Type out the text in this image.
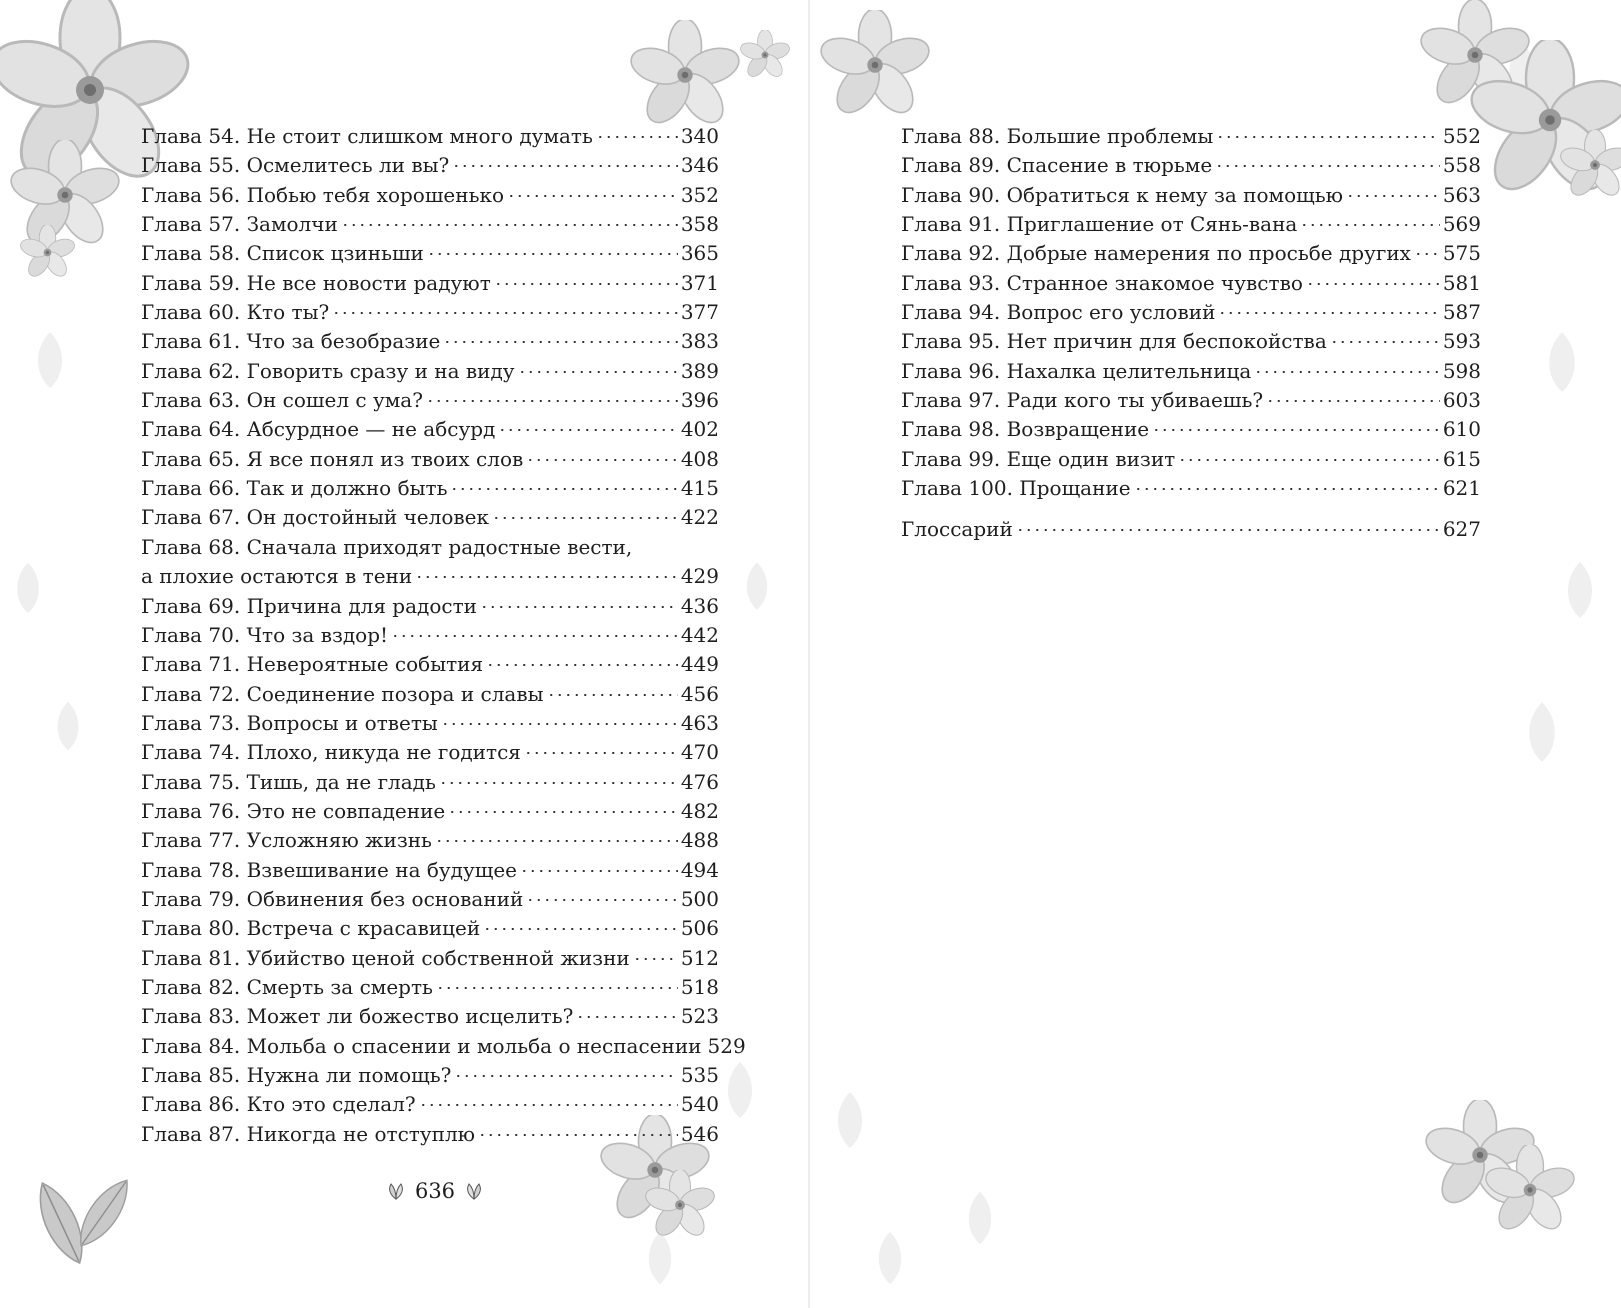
Глава 54. Не стоит слишком много думать	340
Глава 55. Осмелитесь ли вы?	346
Глава 56. Побью тебя хорошенько	352
Глава 57. Замолчи	358
Глава 58. Список цзиньши	365
Глава 59. Не все новости радуют	371
Глава 60. Кто ты?	377
Глава 61. Что за безобразие	383
Глава 62. Говорить сразу и на виду	389
Глава 63. Он сошел с ума?	396
Глава 64. Абсурдное — не абсурд	402
Глава 65. Я все понял из твоих слов	408
Глава 66. Так и должно быть	415
Глава 67. Он достойный человек	422
Глава 68. Сначала приходят радостные вести,
а плохие остаются в тени	429
Глава 69. Причина для радости	436
Глава 70. Что за вздор!	442
Глава 71. Невероятные события	449
Глава 72. Соединение позора и славы	456
Глава 73. Вопросы и ответы	463
Глава 74. Плохо, никуда не годится	470
Глава 75. Тишь, да не гладь	476
Глава 76. Это не совпадение	482
Глава 77. Усложняю жизнь	488
Глава 78. Взвешивание на будущее	494
Глава 79. Обвинения без оснований	500
Глава 80. Встреча с красавицей	506
Глава 81. Убийство ценой собственной жизни	512
Глава 82. Смерть за смерть	518
Глава 83. Может ли божество исцелить?	523
Глава 84. Мольба о спасении и мольба о неспасении 529
Глава 85. Нужна ли помощь?	535
Глава 86. Кто это сделал?	540
Глава 87. Никогда не отступлю	546
636
Глава 88. Большие проблемы	552
Глава 89. Спасение в тюрьме	558
Глава 90. Обратиться к нему за помощью	563
Глава 91. Приглашение от Сянь-вана	569
Глава 92. Добрые намерения по просьбе других 575
Глава 93. Странное знакомое чувство	581
Глава 94. Вопрос его условий	587
Глава 95. Нет причин для беспокойства	593
Глава 96. Нахалка целительница	598
Глава 97. Ради кого ты убиваешь?	603
Глава 98. Возвращение	610
Глава 99. Еще один визит	615
Глава 100. Прощание	621
Глоссарий	627
